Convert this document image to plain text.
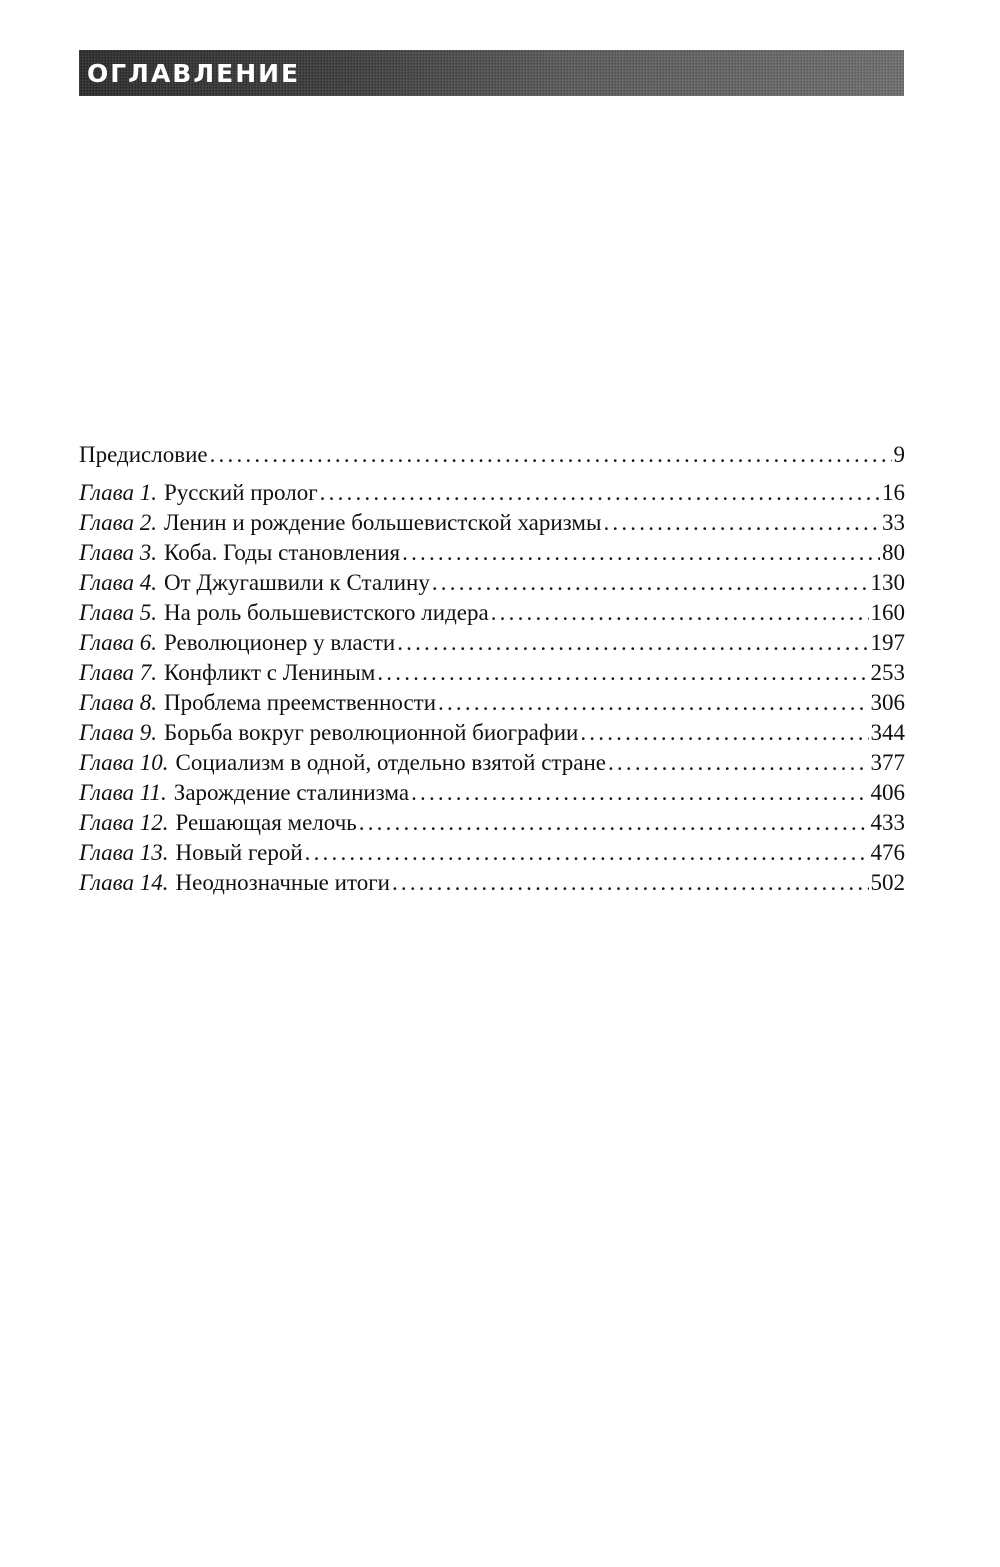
ОГЛАВЛЕНИЕ
Предисловие .....	9
Глава 1. Русский пролог .....	16
Глава 2. Ленин и рождение большевистской харизмы .....	33
Глава 3. Коба. Годы становления .....	80
Глава 4. От Джугашвили к Сталину .....	130
Глава 5. На роль большевистского лидера .....	160
Глава 6. Революционер у власти .....	197
Глава 7. Конфликт с Лениным .....	253
Глава 8. Проблема преемственности .....	306
Глава 9. Борьба вокруг революционной биографии .....	344
Глава 10. Социализм в одной, отдельно взятой стране .....	377
Глава 11. Зарождение сталинизма .....	406
Глава 12. Решающая мелочь .....	433
Глава 13. Новый герой .....	476
Глава 14. Неоднозначные итоги .....	502
